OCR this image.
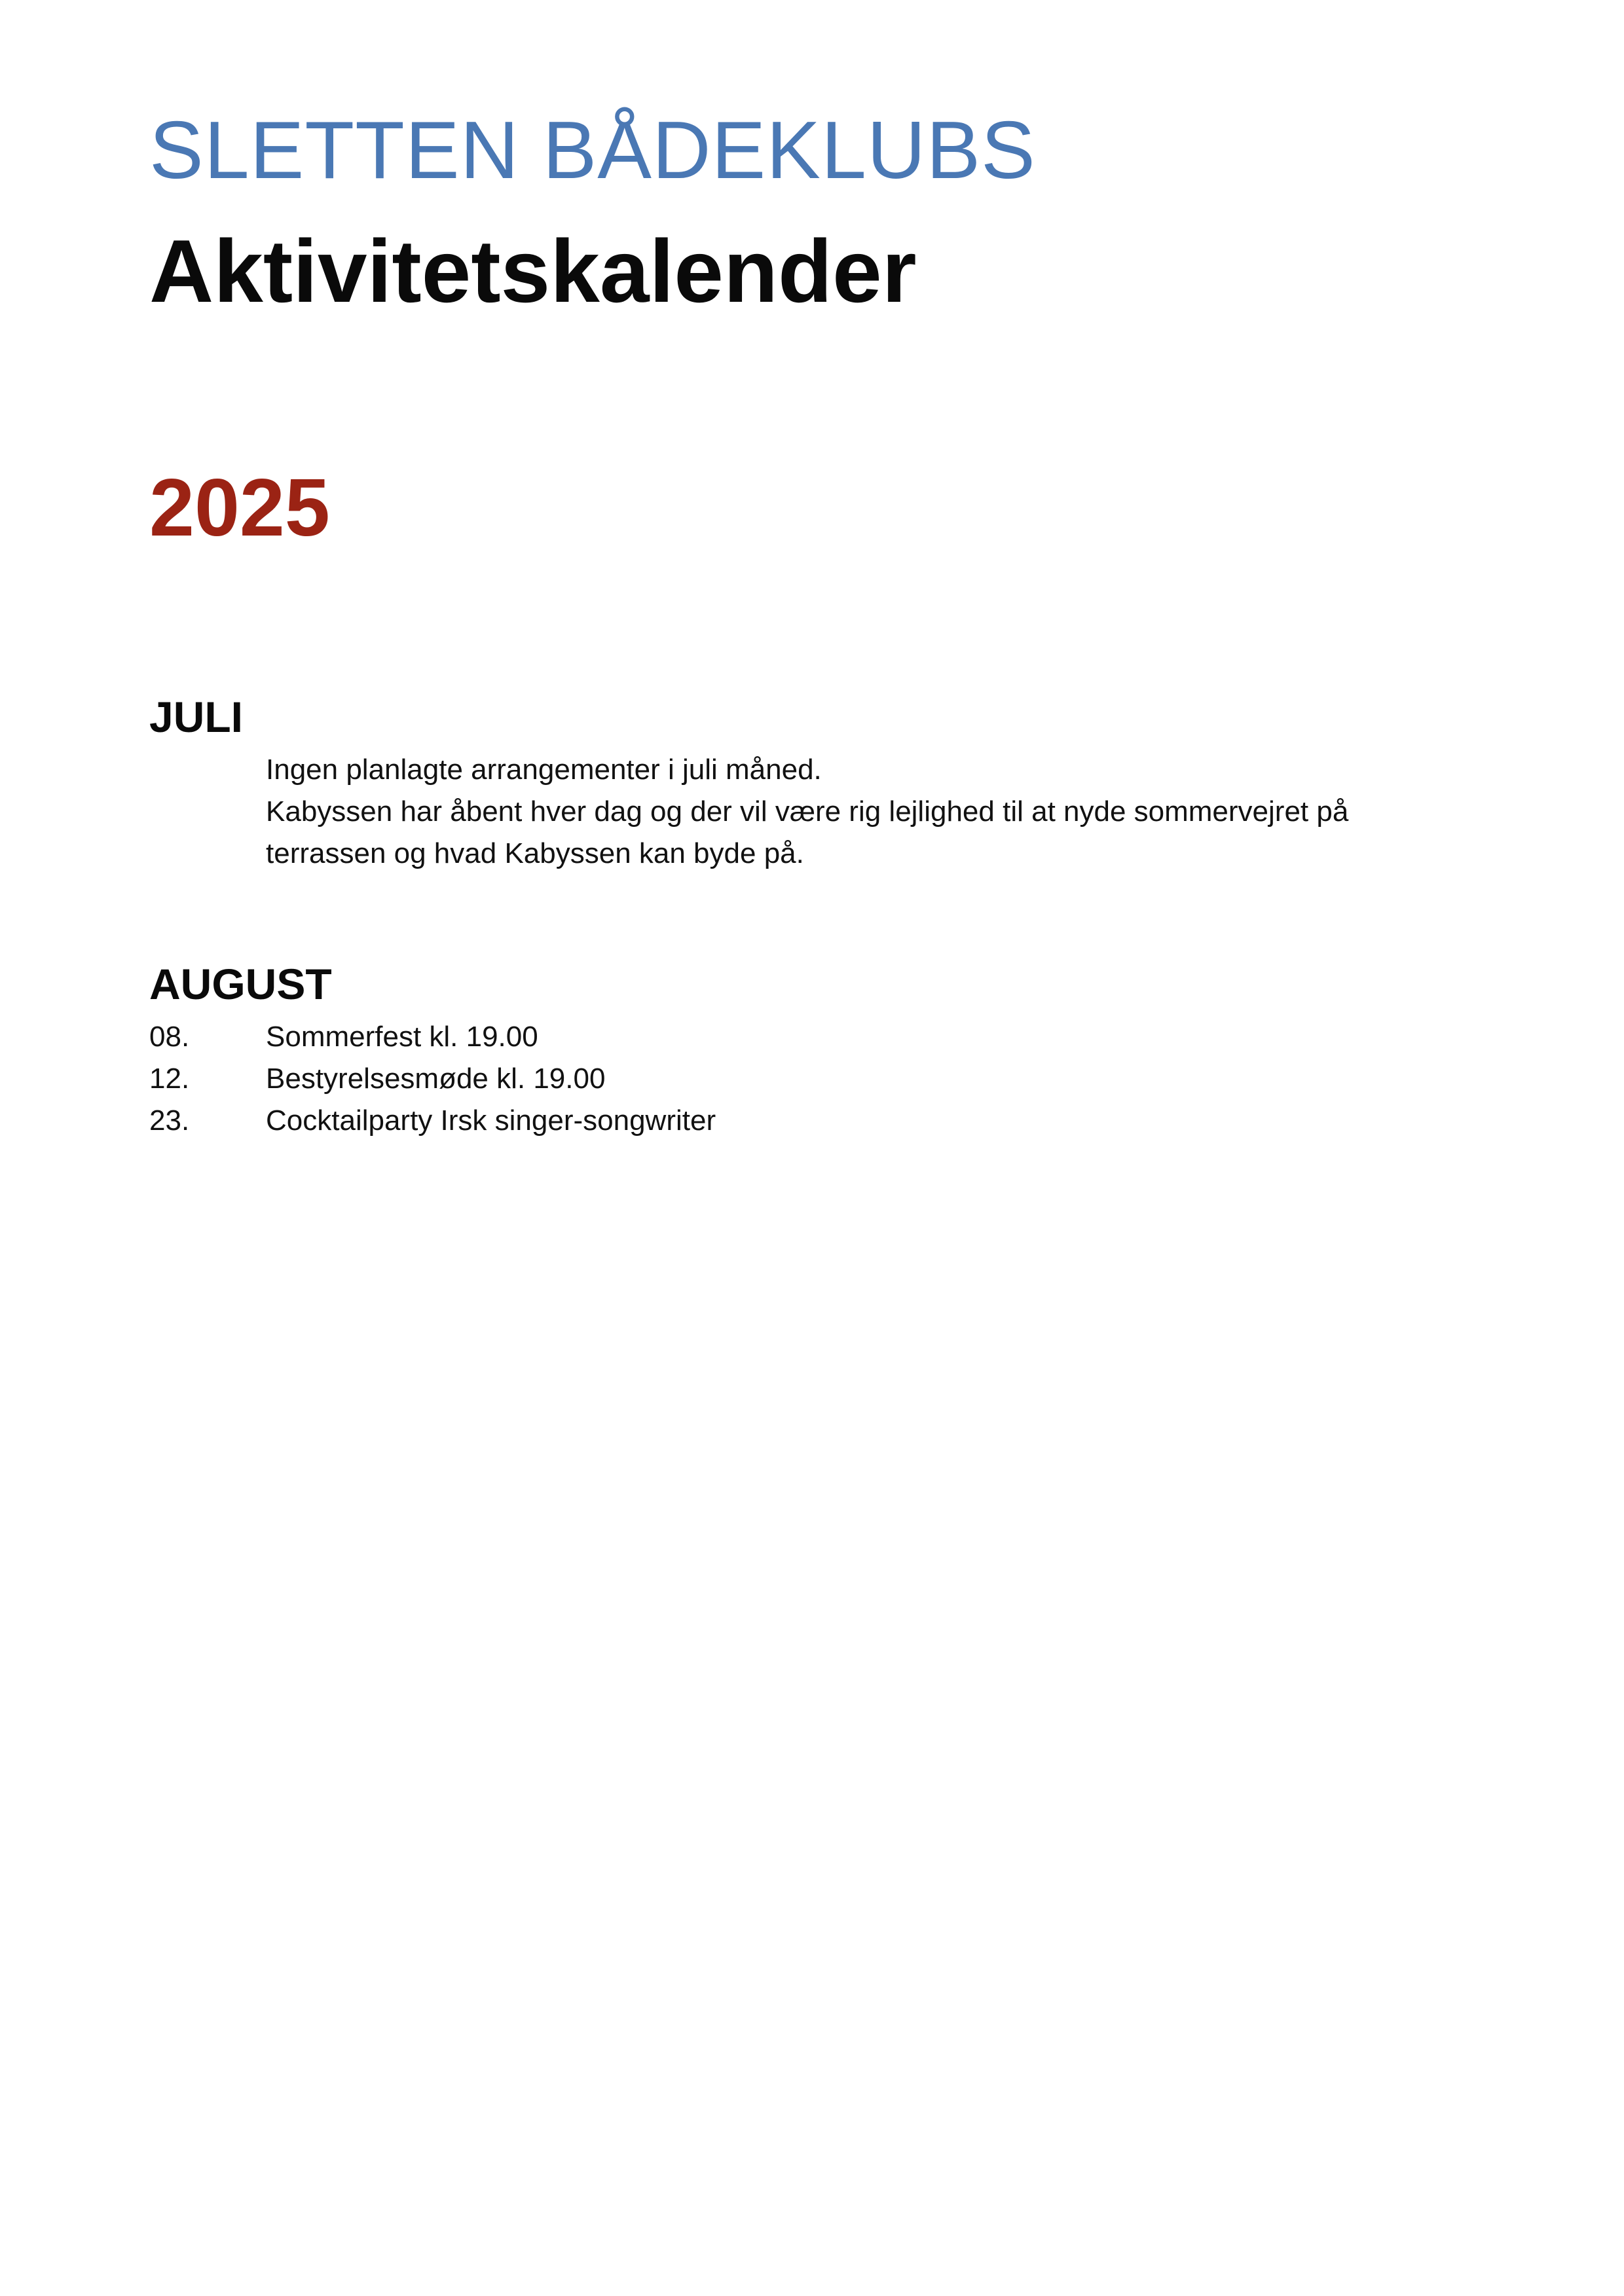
SLETTEN BÅDEKLUBS
Aktivitetskalender
2025
JULI
Ingen planlagte arrangementer i juli måned.
Kabyssen har åbent hver dag og der vil være rig lejlighed til at nyde sommervejret på
terrassen og hvad Kabyssen kan byde på.
AUGUST
08.	Sommerfest kl. 19.00
12.	Bestyrelsesmøde kl. 19.00
23.	Cocktailparty Irsk singer-songwriter
